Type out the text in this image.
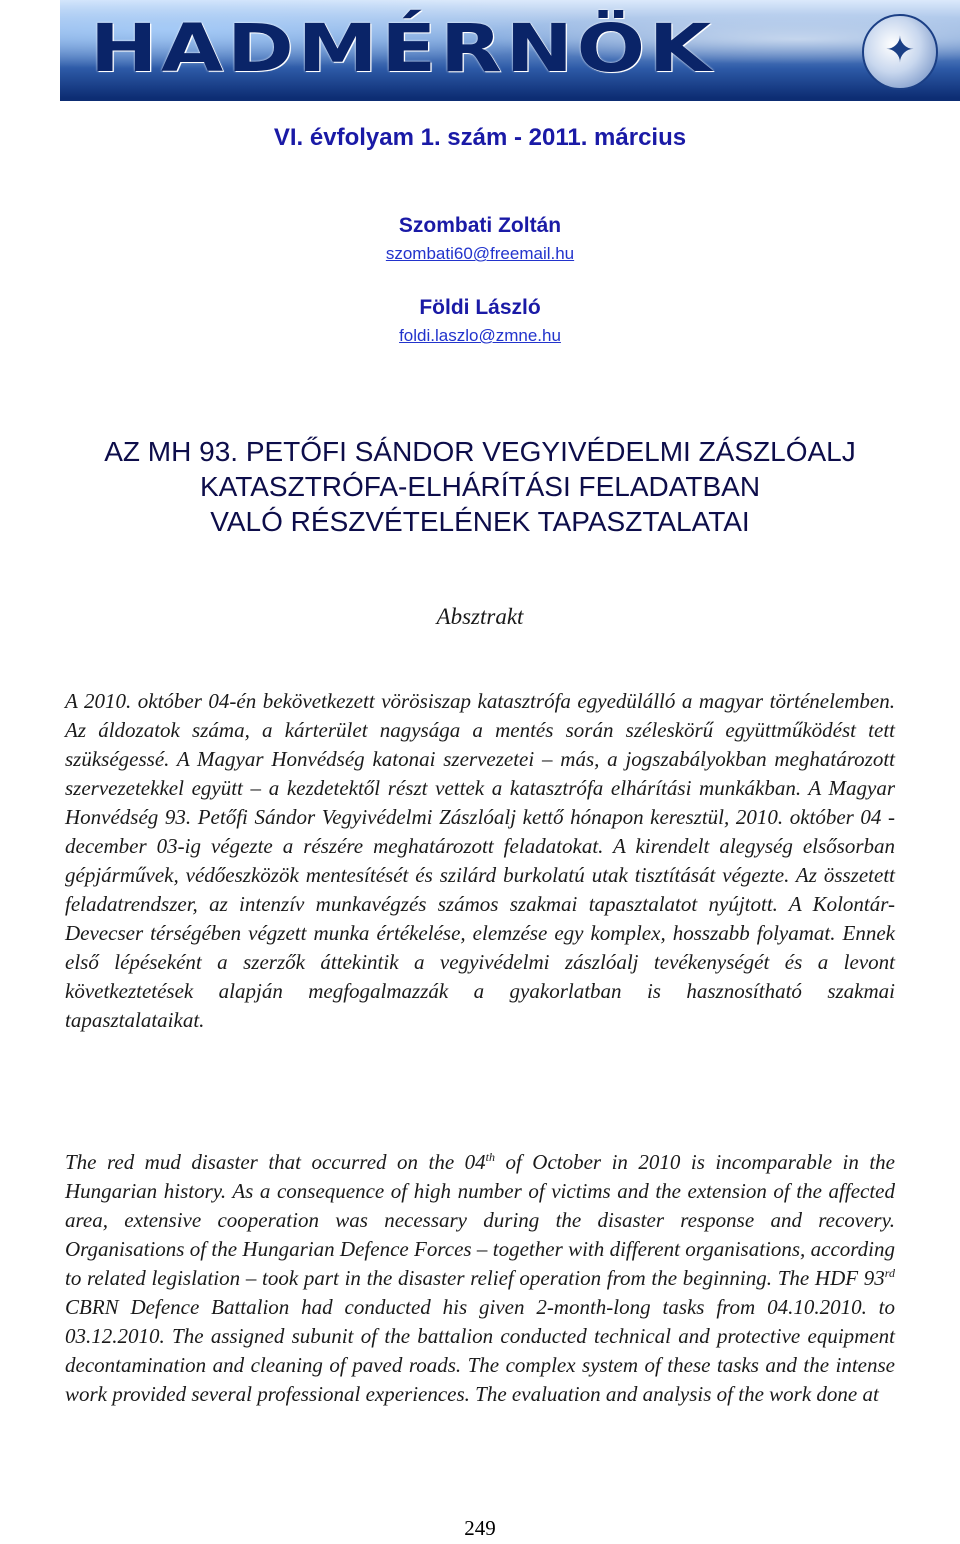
HADMÉRNÖK
✦
VI. évfolyam 1. szám - 2011. március
Szombati Zoltán
szombati60@freemail.hu
Földi László
foldi.laszlo@zmne.hu
AZ MH 93. PETŐFI SÁNDOR VEGYIVÉDELMI ZÁSZLÓALJ
KATASZTRÓFA-ELHÁRÍTÁSI FELADATBAN
VALÓ RÉSZVÉTELÉNEK TAPASZTALATAI
Absztrakt
A 2010. október 04-én bekövetkezett vörösiszap katasztrófa egyedülálló a magyar történelemben. Az áldozatok száma, a kárterület nagysága a mentés során széleskörű együttműködést tett szükségessé. A Magyar Honvédség katonai szervezetei – más, a jogszabályokban meghatározott szervezetekkel együtt – a kezdetektől részt vettek a katasztrófa elhárítási munkákban. A Magyar Honvédség 93. Petőfi Sándor Vegyivédelmi Zászlóalj kettő hónapon keresztül, 2010. október 04 - december 03-ig végezte a részére meghatározott feladatokat. A kirendelt alegység elsősorban gépjárművek, védőeszközök mentesítését és szilárd burkolatú utak tisztítását végezte. Az összetett feladatrendszer, az intenzív munkavégzés számos szakmai tapasztalatot nyújtott. A Kolontár-Devecser térségében végzett munka értékelése, elemzése egy komplex, hosszabb folyamat. Ennek első lépéseként a szerzők áttekintik a vegyivédelmi zászlóalj tevékenységét és a levont következtetések alapján megfogalmazzák a gyakorlatban is hasznosítható szakmai tapasztalataikat.
The red mud disaster that occurred on the 04th of October in 2010 is incomparable in the Hungarian history. As a consequence of high number of victims and the extension of the affected area, extensive cooperation was necessary during the disaster response and recovery. Organisations of the Hungarian Defence Forces – together with different organisations, according to related legislation – took part in the disaster relief operation from the beginning. The HDF 93rd CBRN Defence Battalion had conducted his given 2-month-long tasks from 04.10.2010. to 03.12.2010. The assigned subunit of the battalion conducted technical and protective equipment decontamination and cleaning of paved roads. The complex system of these tasks and the intense work provided several professional experiences. The evaluation and analysis of the work done at
249
